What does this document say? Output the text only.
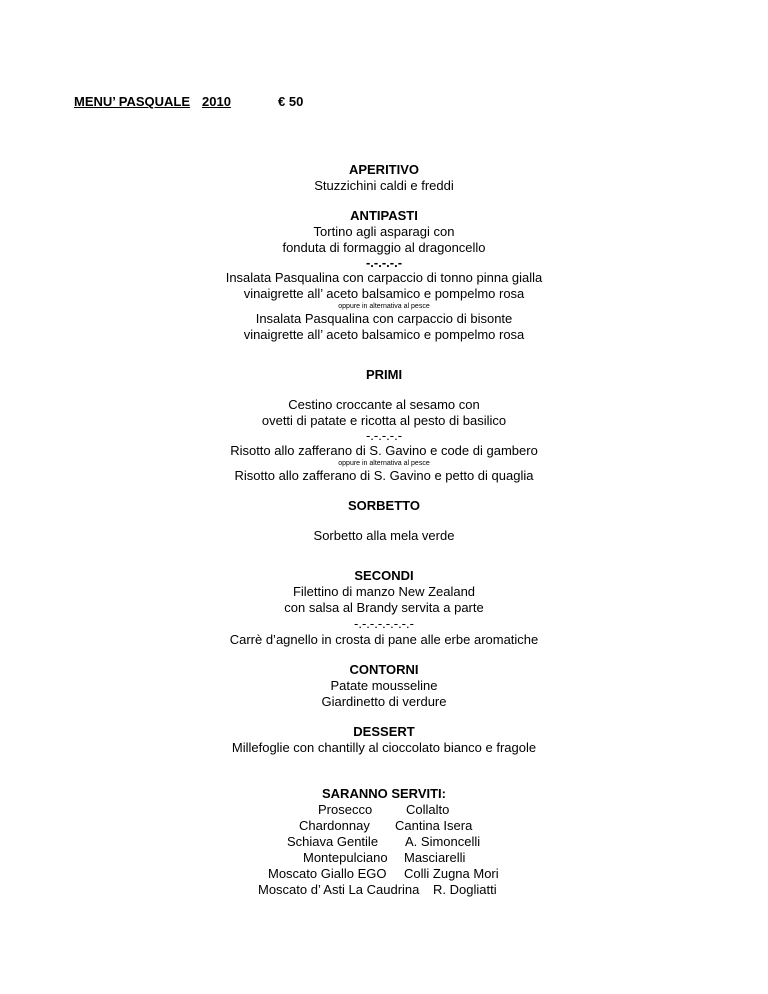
MENU’ PASQUALE 2010	€ 50
APERITIVO
Stuzzichini caldi e freddi
ANTIPASTI
Tortino agli asparagi con
fonduta di formaggio al dragoncello
-.-.-.-.-
Insalata Pasqualina con carpaccio di tonno pinna gialla
vinaigrette all’ aceto balsamico e pompelmo rosa
oppure in alternativa al pesce
Insalata Pasqualina con carpaccio di bisonte
vinaigrette all’ aceto balsamico e pompelmo rosa
PRIMI
Cestino croccante al sesamo con
ovetti di patate e ricotta al pesto di basilico
-.-.-.-.-
Risotto allo zafferano di S. Gavino e code di gambero
oppure in alternativa al pesce
Risotto allo zafferano di S. Gavino e petto di quaglia
SORBETTO
Sorbetto alla mela verde
SECONDI
Filettino di manzo New Zealand
con salsa al Brandy servita a parte
-.-.-.-.-.-.-.-
Carrè d’agnello in crosta di pane alle erbe aromatiche
CONTORNI
Patate mousseline
Giardinetto di verdure
DESSERT
Millefoglie con chantilly al cioccolato bianco e fragole
SARANNO SERVITI:
Prosecco	Collalto
Chardonnay Cantina Isera
Schiava Gentile A. Simoncelli
Montepulciano Masciarelli
Moscato Giallo EGO Colli Zugna Mori
Moscato d’ Asti La Caudrina R. Dogliatti
